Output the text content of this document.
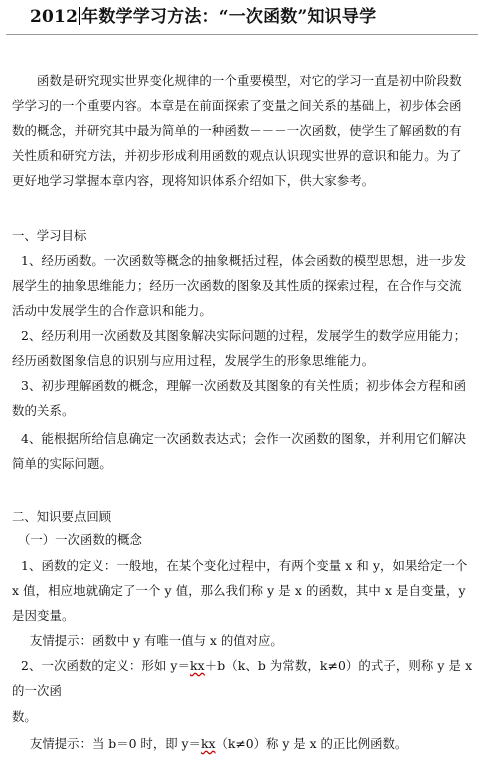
2012 年数学学习方法：“一次函数”知识导学

函数是研究现实世界变化规律的一个重要模型，对它的学习一直是初中阶段数学学习的一个重要内容。本章是在前面探索了变量之间关系的基础上，初步体会函数的概念，并研究其中最为简单的一种函数－－－一次函数，使学生了解函数的有关性质和研究方法，并初步形成利用函数的观点认识现实世界的意识和能力。为了更好地学习掌握本章内容，现将知识体系介绍如下，供大家参考。

一、学习目标

1、经历函数。一次函数等概念的抽象概括过程，体会函数的模型思想，进一步发展学生的抽象思维能力；经历一次函数的图象及其性质的探索过程，在合作与交流活动中发展学生的合作意识和能力。

2、经历利用一次函数及其图象解决实际问题的过程，发展学生的数学应用能力；经历函数图象信息的识别与应用过程，发展学生的形象思维能力。

3、初步理解函数的概念，理解一次函数及其图象的有关性质；初步体会方程和函数的关系。

4、能根据所给信息确定一次函数表达式；会作一次函数的图象，并利用它们解决简单的实际问题。

二、知识要点回顾
（一）一次函数的概念

1、函数的定义：一般地，在某个变化过程中，有两个变量 x 和 y，如果给定一个 x 值，相应地就确定了一个 y 值，那么我们称 y 是 x 的函数，其中 x 是自变量，y 是因变量。

友情提示：函数中 y 有唯一值与 x 的值对应。

2、一次函数的定义：形如 y＝kx＋b（k、b 为常数，k≠0）的式子，则称 y 是 x 的一次函

数。
友情提示：当 b＝0 时，即 y＝kx（k≠0）称 y 是 x 的正比例函数。
